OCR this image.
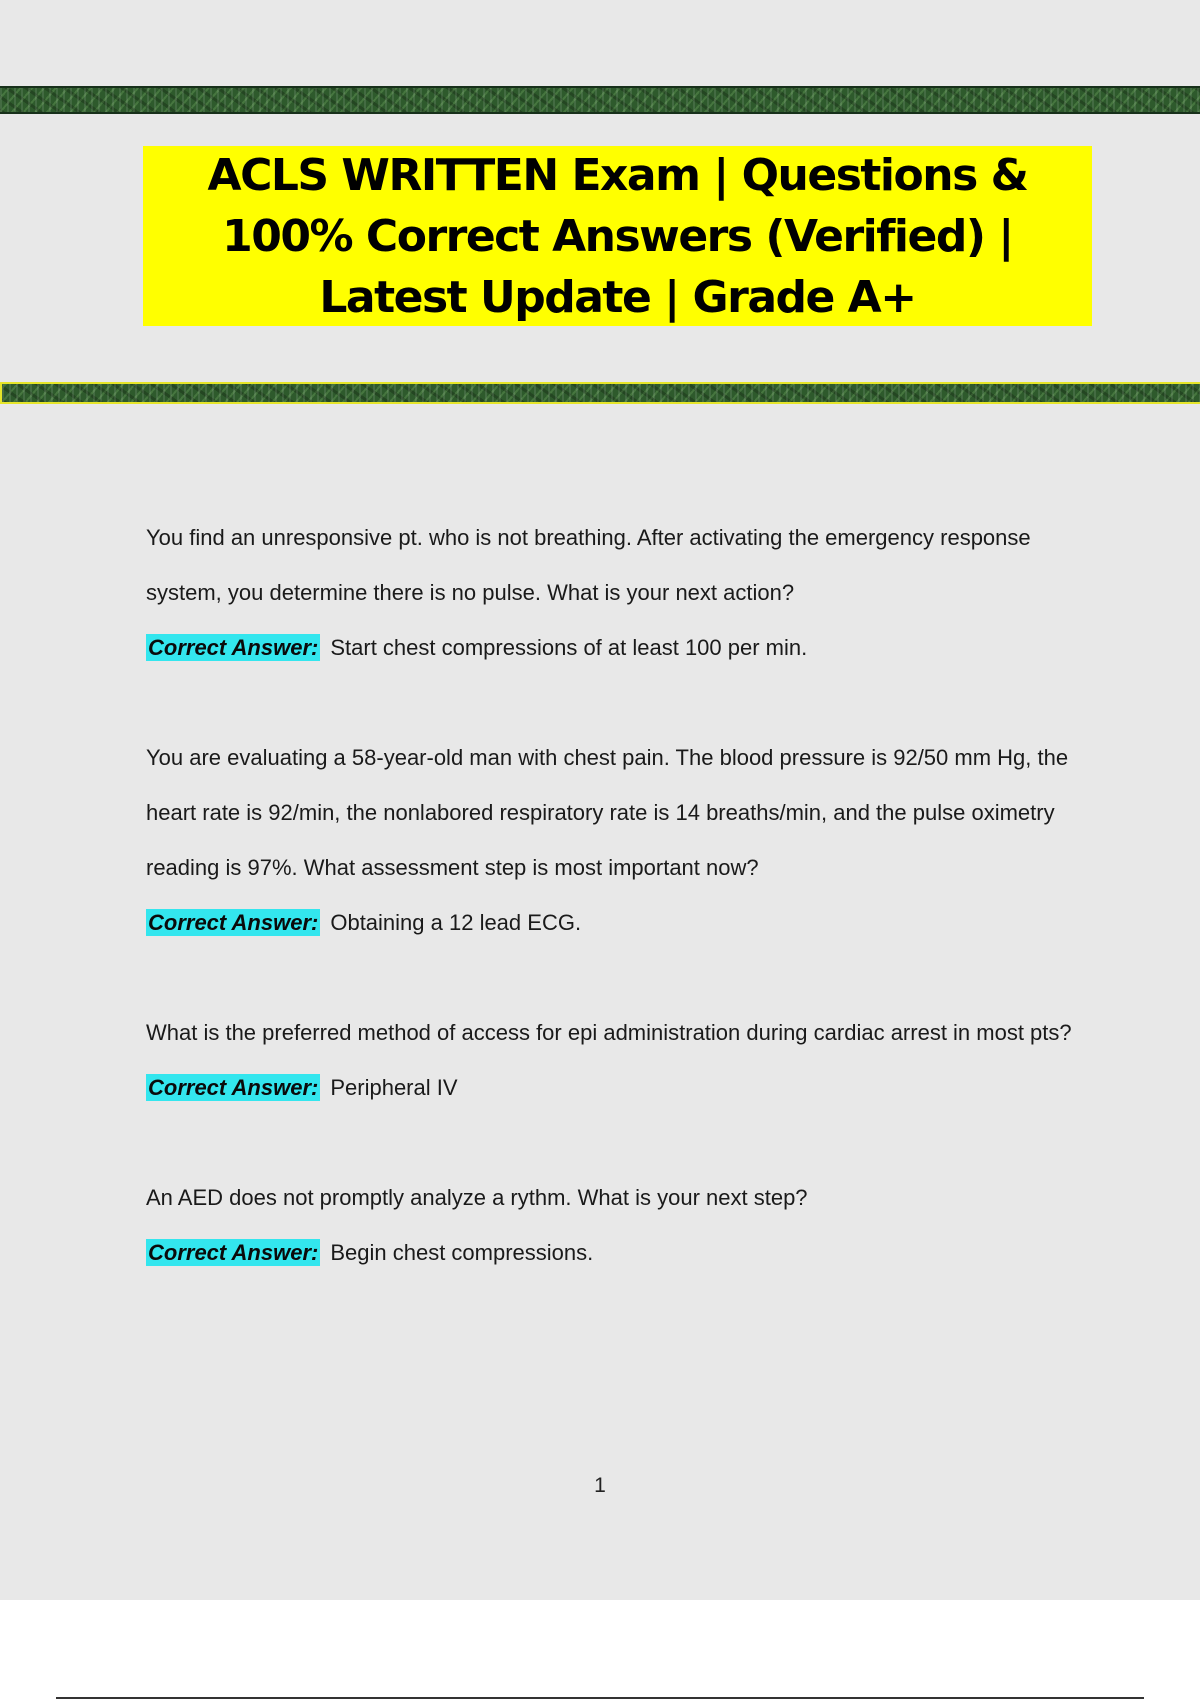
ACLS WRITTEN Exam | Questions & 100% Correct Answers (Verified) | Latest Update | Grade A+

You find an unresponsive pt. who is not breathing. After activating the emergency response system, you determine there is no pulse. What is your next action?

Correct Answer: Start chest compressions of at least 100 per min.

You are evaluating a 58-year-old man with chest pain. The blood pressure is 92/50 mm Hg, the heart rate is 92/min, the nonlabored respiratory rate is 14 breaths/min, and the pulse oximetry reading is 97%. What assessment step is most important now?

Correct Answer: Obtaining a 12 lead ECG.

What is the preferred method of access for epi administration during cardiac arrest in most pts?

Correct Answer: Peripheral IV

An AED does not promptly analyze a rythm. What is your next step?

Correct Answer: Begin chest compressions.

1
